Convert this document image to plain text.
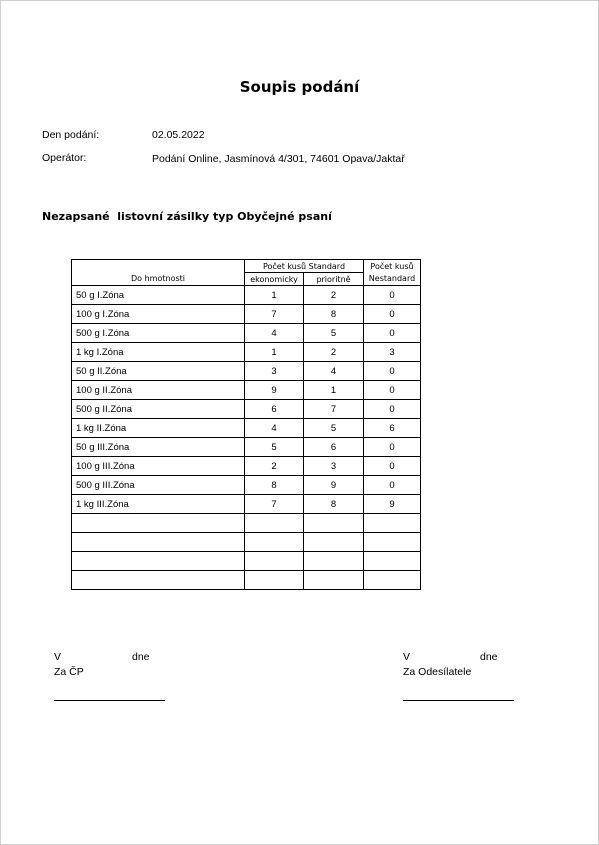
Soupis podání
Den podání:	02.05.2022
Operátor:	Podání Online, Jasmínová 4/301, 74601 Opava/Jaktař
Nezapsané  listovní zásilky typ Obyčejné psaní
	Počet kusů Standard		Počet kusů
Do hmotnosti	ekonomicky	prioritně	Nestandard
50 g I.Zóna	1	2	0
100 g I.Zóna	7	8	0
500 g I.Zóna	4	5	0
1 kg I.Zóna	1	2	3
50 g II.Zóna	3	4	0
100 g II.Zóna	9	1	0
500 g II.Zóna	6	7	0
1 kg II.Zóna	4	5	6
50 g III.Zóna	5	6	0
100 g III.Zóna	2	3	0
500 g III.Zóna	8	9	0
1 kg III.Zóna	7	8	9

V	dne
Za ČP
V	dne
Za Odesílatele
